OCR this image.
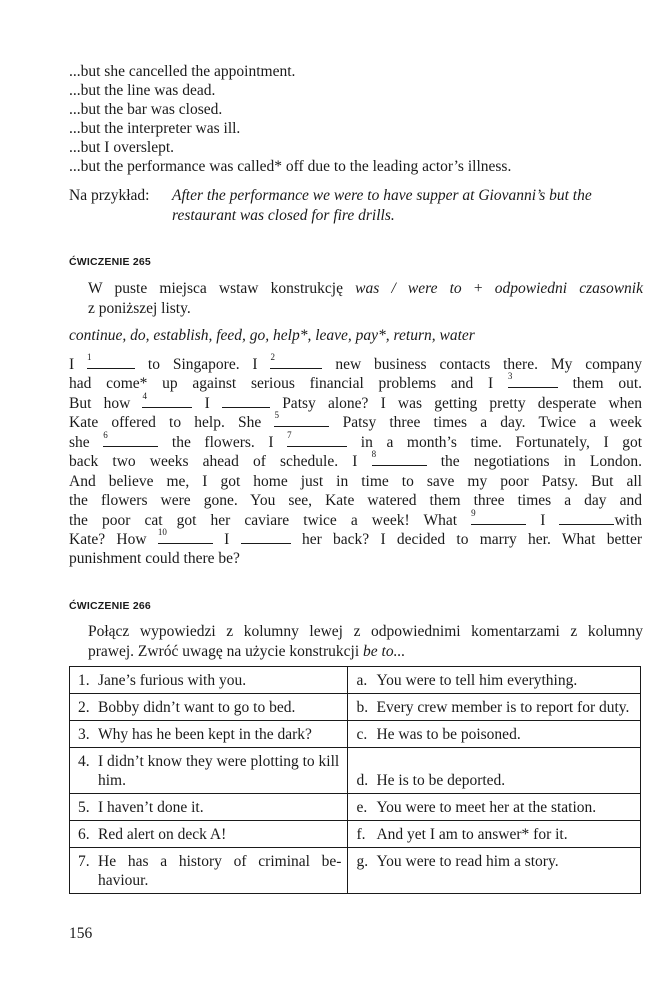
...but she cancelled the appointment.
...but the line was dead.
...but the bar was closed.
...but the interpreter was ill.
...but I overslept.
...but the performance was called* off due to the leading actor’s illness.
Na przykład: After the performance we were to have supper at Giovanni’s but the restaurant was closed for fire drills.
ĆWICZENIE 265
W puste miejsca wstaw konstrukcję was / were to + odpowiedni czasownik
z poniższej listy.
continue, do, establish, feed, go, help*, leave, pay*, return, water
I 1	to Singapore. I 2	new business contacts there. My company
had come* up against serious financial problems and I 3	them out.
But how 4	I	Patsy alone? I was getting pretty desperate when
Kate offered to help. She 5	Patsy three times a day. Twice a week
she 6	the flowers. I 7	in a month’s time. Fortunately, I got
back two weeks ahead of schedule. I 8	the negotiations in London.
And believe me, I got home just in time to save my poor Patsy. But all
the flowers were gone. You see, Kate watered them three times a day and
the poor cat got her caviare twice a week! What 9	I	with
Kate? How 10	I	her back? I decided to marry her. What better
punishment could there be?
ĆWICZENIE 266
Połącz wypowiedzi z kolumny lewej z odpowiednimi komentarzami z kolumny
prawej. Zwróć uwagę na użycie konstrukcji be to...
1. Jane’s furious with you.	a. You were to tell him everything.

2. Bobby didn’t want to go to bed.	b. Every crew member is to report for duty.

3. Why has he been kept in the dark?	c. He was to be poisoned.

4. I didn’t know they were plotting to kill him.	d. He is to be deported.

5. I haven’t done it.	e. You were to meet her at the station.

6. Red alert on deck A!	f. And yet I am to answer* for it.

7. He has a history of criminal be-haviour.	g. You were to read him a story.
156
